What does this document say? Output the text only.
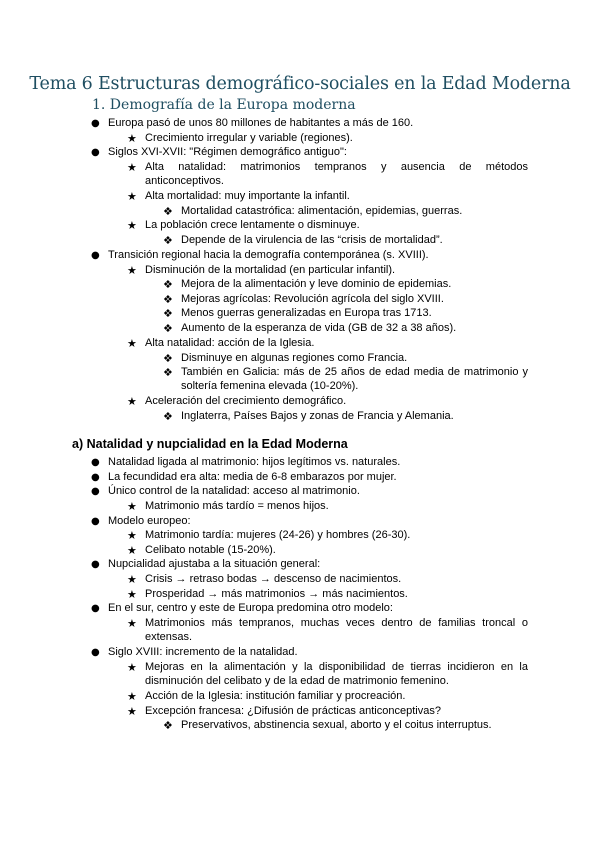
Tema 6 Estructuras demográfico-sociales en la Edad Moderna
1. Demografía de la Europa moderna
● Europa pasó de unos 80 millones de habitantes a más de 160.
★ Crecimiento irregular y variable (regiones).
● Siglos XVI-XVII: "Régimen demográfico antiguo":
★ Alta natalidad: matrimonios tempranos y ausencia de métodos
anticonceptivos.
★ Alta mortalidad: muy importante la infantil.
❖ Mortalidad catastrófica: alimentación, epidemias, guerras.
★ La población crece lentamente o disminuye.
❖ Depende de la virulencia de las “crisis de mortalidad”.
● Transición regional hacia la demografía contemporánea (s. XVIII).
★ Disminución de la mortalidad (en particular infantil).
❖ Mejora de la alimentación y leve dominio de epidemias.
❖ Mejoras agrícolas: Revolución agrícola del siglo XVIII.
❖ Menos guerras generalizadas en Europa tras 1713.
❖ Aumento de la esperanza de vida (GB de 32 a 38 años).
★ Alta natalidad: acción de la Iglesia.
❖ Disminuye en algunas regiones como Francia.
❖ También en Galicia: más de 25 años de edad media de matrimonio y
soltería femenina elevada (10-20%).
★ Aceleración del crecimiento demográfico.
❖ Inglaterra, Países Bajos y zonas de Francia y Alemania.
a) Natalidad y nupcialidad en la Edad Moderna
● Natalidad ligada al matrimonio: hijos legítimos vs. naturales.
● La fecundidad era alta: media de 6-8 embarazos por mujer.
● Único control de la natalidad: acceso al matrimonio.
★ Matrimonio más tardío = menos hijos.
● Modelo europeo:
★ Matrimonio tardía: mujeres (24-26) y hombres (26-30).
★ Celibato notable (15-20%).
● Nupcialidad ajustaba a la situación general:
★ Crisis → retraso bodas → descenso de nacimientos.
★ Prosperidad → más matrimonios → más nacimientos.
● En el sur, centro y este de Europa predomina otro modelo:
★ Matrimonios más tempranos, muchas veces dentro de familias troncal o
extensas.
● Siglo XVIII: incremento de la natalidad.
★ Mejoras en la alimentación y la disponibilidad de tierras incidieron en la
disminución del celibato y de la edad de matrimonio femenino.
★ Acción de la Iglesia: institución familiar y procreación.
★ Excepción francesa: ¿Difusión de prácticas anticonceptivas?
❖ Preservativos, abstinencia sexual, aborto y el coitus interruptus.
